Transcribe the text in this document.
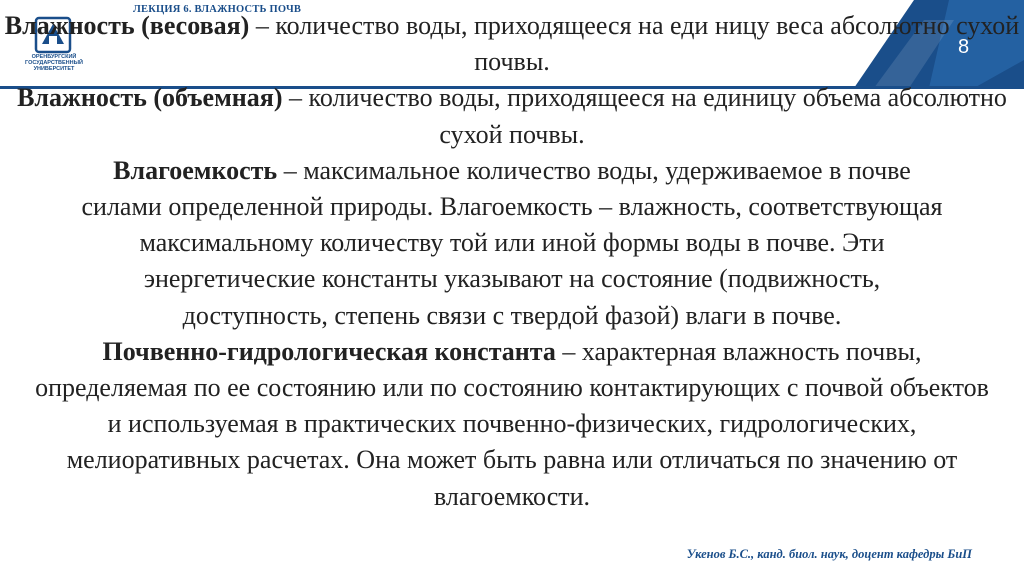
ОРЕНБУРГСКИЙ ГОСУДАРСТВЕННЫЙ УНИВЕРСИТЕТ
ЛЕКЦИЯ 6. ВЛАЖНОСТЬ ПОЧВ
8

Влажность (весовая) – количество воды, приходящееся на еди ницу веса абсолютно сухой почвы.

Влажность (объемная) – количество воды, приходящееся на единицу объема абсолютно сухой почвы.

Влагоемкость – максимальное количество воды, удерживаемое в почве силами определенной природы. Влагоемкость – влажность, соответствующая максимальному количеству той или иной формы воды в почве. Эти энергетические константы указывают на состояние (подвижность, доступность, степень связи с твердой фазой) влаги в почве.

Почвенно-гидрологическая константа – характерная влажность почвы, определяемая по ее состоянию или по состоянию контактирующих с почвой объектов и используемая в практических почвенно-физических, гидрологических, мелиоративных расчетах. Она может быть равна или отличаться по значению от влагоемкости.

Укенов Б.С., канд. биол. наук, доцент кафедры БиП
